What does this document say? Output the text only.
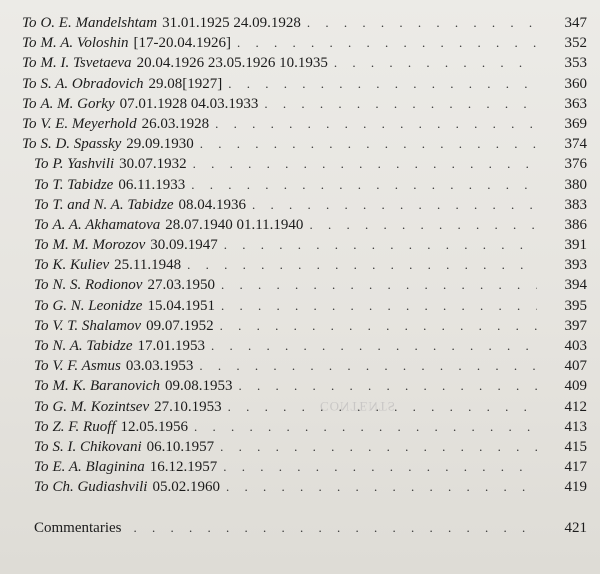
CONTENTS
To O. E. Mandelshtam 31.01.1925 24.09.1928 . . .	347
To M. A. Voloshin [17-20.04.1926] . . .	352
To M. I. Tsvetaeva 20.04.1926 23.05.1926 10.1935 . . .	353
To S. A. Obradovich 29.08[1927] . . .	360
To A. M. Gorky 07.01.1928 04.03.1933 . . .	363
To V. E. Meyerhold 26.03.1928 . . .	369
To S. D. Spassky 29.09.1930 . . .	374
To P. Yashvili 30.07.1932 . . .	376
To T. Tabidze 06.11.1933 . . .	380
To T. and N. A. Tabidze 08.04.1936 . . .	383
To A. A. Akhamatova 28.07.1940 01.11.1940 . . .	386
To M. M. Morozov 30.09.1947 . . .	391
To K. Kuliev 25.11.1948 . . .	393
To N. S. Rodionov 27.03.1950 . . .	394
To G. N. Leonidze 15.04.1951 . . .	395
To V. T. Shalamov 09.07.1952 . . .	397
To N. A. Tabidze 17.01.1953 . . .	403
To V. F. Asmus 03.03.1953 . . .	407
To M. K. Baranovich 09.08.1953 . . .	409
To G. M. Kozintsev 27.10.1953 . . .	412
To Z. F. Ruoff 12.05.1956 . . .	413
To S. I. Chikovani 06.10.1957 . . .	415
To E. A. Blaginina 16.12.1957 . . .	417
To Ch. Gudiashvili 05.02.1960 . . .	419
Commentaries . . .	421
